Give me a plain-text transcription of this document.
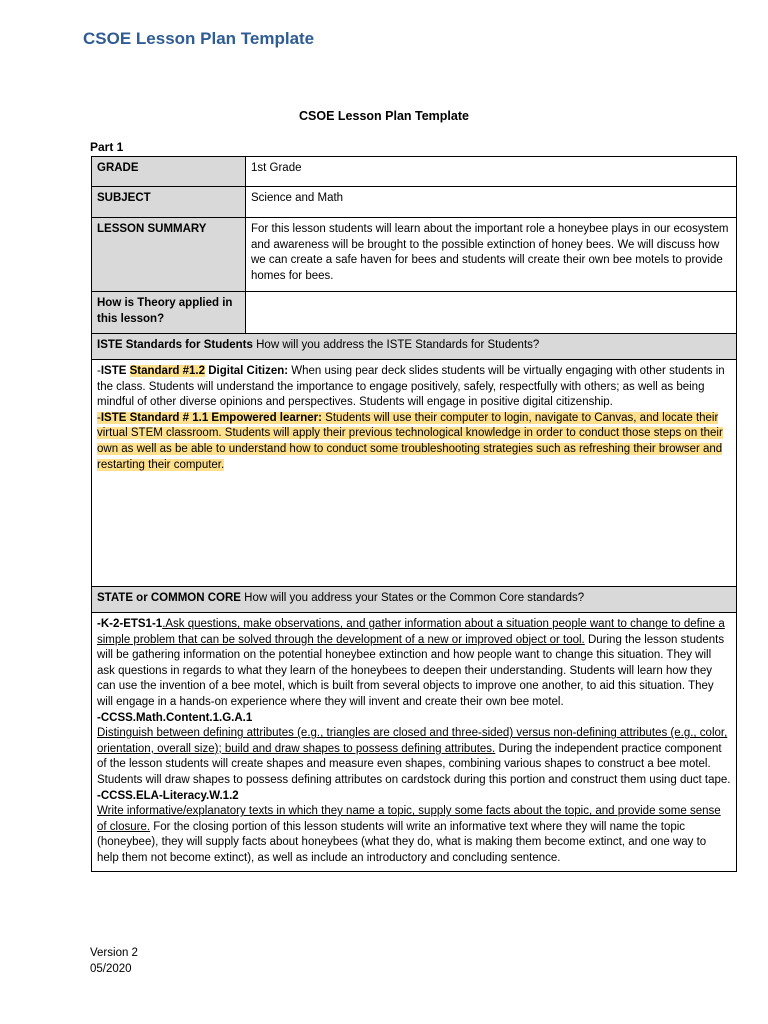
CSOE Lesson Plan Template
CSOE Lesson Plan Template
Part 1
GRADE	1st Grade
SUBJECT	Science and Math
LESSON SUMMARY	For this lesson students will learn about the important role a honeybee plays in our ecosystem and awareness will be brought to the possible extinction of honey bees. We will discuss how we can create a safe haven for bees and students will create their own bee motels to provide homes for bees.
How is Theory applied in this lesson?	
ISTE Standards for Students How will you address the ISTE Standards for Students?	
-ISTE Standard #1.2 Digital Citizen: When using pear deck slides students will be virtually engaging with other students in the class. Students will understand the importance to engage positively, safely, respectfully with others; as well as being mindful of other diverse opinions and perspectives. Students will engage in positive digital citizenship.
-ISTE Standard # 1.1 Empowered learner: Students will use their computer to login, navigate to Canvas, and locate their virtual STEM classroom. Students will apply their previous technological knowledge in order to conduct those steps on their own as well as be able to understand how to conduct some troubleshooting strategies such as refreshing their browser and restarting their computer.	
STATE or COMMON CORE How will you address your States or the Common Core standards?	
-K-2-ETS1-1.Ask questions, make observations, and gather information about a situation people want to change to define a simple problem that can be solved through the development of a new or improved object or tool. During the lesson students will be gathering information on the potential honeybee extinction and how people want to change this situation. They will ask questions in regards to what they learn of the honeybees to deepen their understanding. Students will learn how they can use the invention of a bee motel, which is built from several objects to improve one another, to aid this situation. They will engage in a hands-on experience where they will invent and create their own bee motel.
-CCSS.Math.Content.1.G.A.1
Distinguish between defining attributes (e.g., triangles are closed and three-sided) versus non-defining attributes (e.g., color, orientation, overall size); build and draw shapes to possess defining attributes. During the independent practice component of the lesson students will create shapes and measure even shapes, combining various shapes to construct a bee motel. Students will draw shapes to possess defining attributes on cardstock during this portion and construct them using duct tape.
-CCSS.ELA-Literacy.W.1.2
Write informative/explanatory texts in which they name a topic, supply some facts about the topic, and provide some sense of closure. For the closing portion of this lesson students will write an informative text where they will name the topic (honeybee), they will supply facts about honeybees (what they do, what is making them become extinct, and one way to help them not become extinct), as well as include an introductory and concluding sentence.	
Version 2
05/2020
